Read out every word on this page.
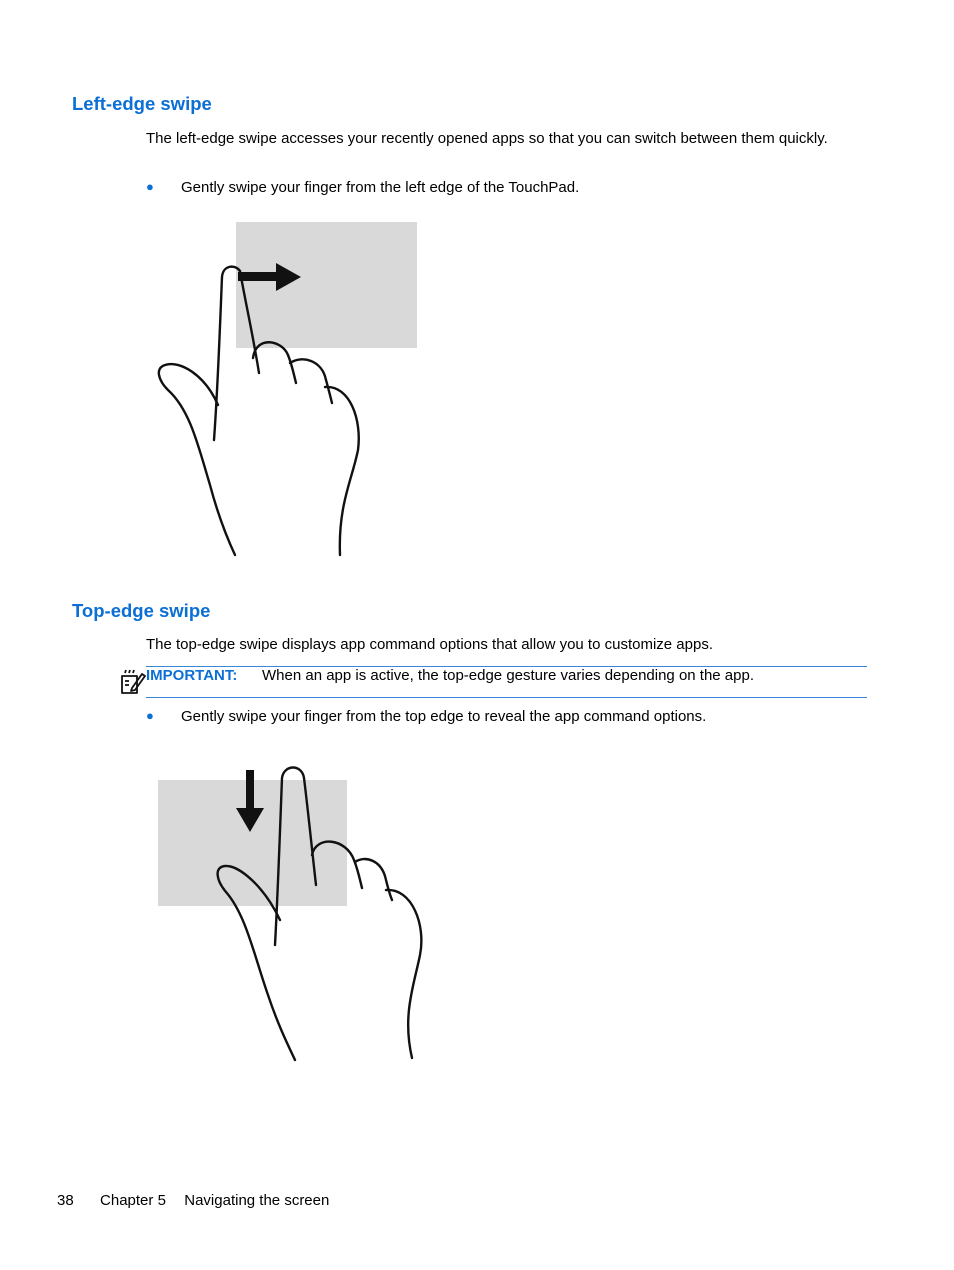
Left-edge swipe

The left-edge swipe accesses your recently opened apps so that you can switch between them quickly.

● Gently swipe your finger from the left edge of the TouchPad.
Top-edge swipe

The top-edge swipe displays app command options that allow you to customize apps.

IMPORTANT: When an app is active, the top-edge gesture varies depending on the app.
● Gently swipe your finger from the top edge to reveal the app command options.
38 Chapter 5 Navigating the screen
